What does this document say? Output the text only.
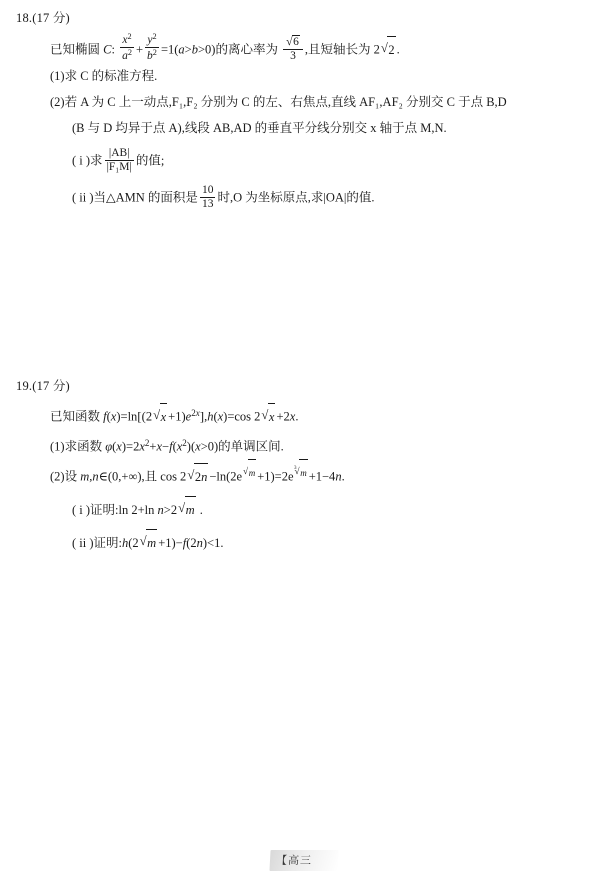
18.(17 分)
已知椭圆 C: $\frac{x^2}{a^2} + \frac{y^2}{b^2} =1(a>b>0)$的离心率为 √ $\frac{6}{3}$ ,且短轴长为 2 √ 2 .
(1)求 C 的标准方程.
(2)若 A 为 C 上一动点,F₁,F₂ 分别为 C 的左、右焦点,直线 AF₁,AF₂ 分别交 C 于点 B,D
(B 与 D 均异于点 A),线段 AB,AD 的垂直平分线分别交 x 轴于点 M,N.
( i )求 $\frac{|AB|}{\text{|F₁M|}}$ 的值;
( ii )当△AMN 的面积是 $\frac{10}{13}$ 时,O 为坐标原点,求|OA|的值.
19.(17 分)
已知函数 f(x)=ln[(2 √ $x +1)e^{2x}],h(x)=\cos$ 2 √ x +2x.
(1)求函数 $\varphi(x)=2x^2+x-f(x^2)(x>0)$的单调区间.
(2)设 m,n∈(0,+∞),且 cos 2 √ 2n −ln(2e √ $^m$ +1)=2e √ $^m$ 3 +1−4n.
( i )证明:ln 2+ln n>2 √ m .
( ii )证明:h(2 √ m +1)−f(2n)<1.
【高三
